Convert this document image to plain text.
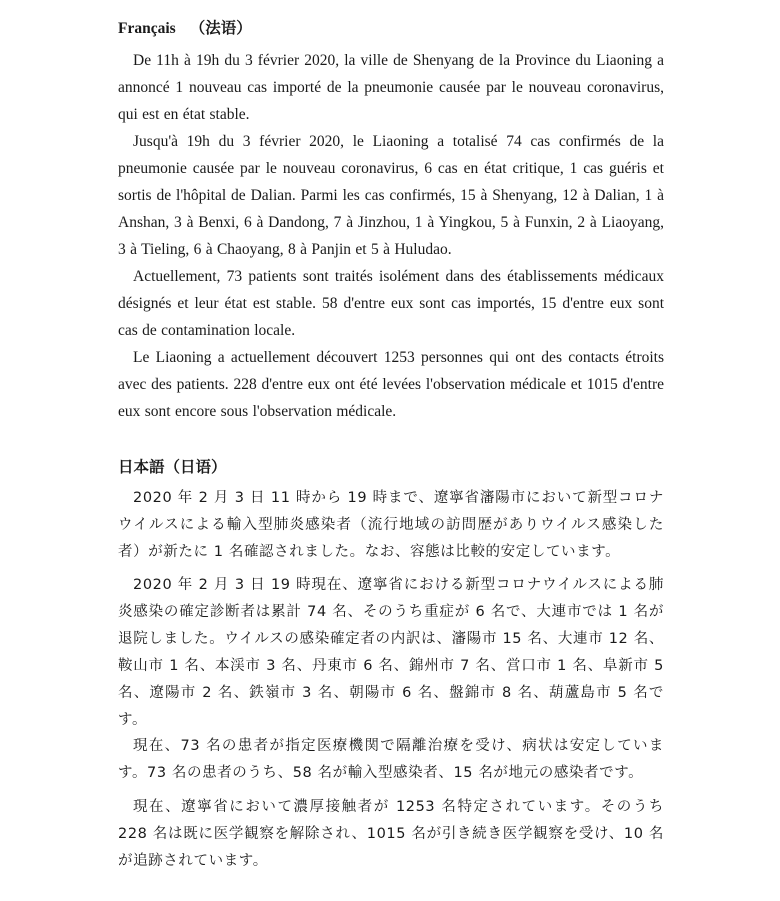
Français （法语）

De 11h à 19h du 3 février 2020, la ville de Shenyang de la Province du Liaoning a annoncé 1 nouveau cas importé de la pneumonie causée par le nouveau coronavirus, qui est en état stable.

Jusqu'à 19h du 3 février 2020, le Liaoning a totalisé 74 cas confirmés de la pneumonie causée par le nouveau coronavirus, 6 cas en état critique, 1 cas guéris et sortis de l'hôpital de Dalian. Parmi les cas confirmés, 15 à Shenyang, 12 à Dalian, 1 à Anshan, 3 à Benxi, 6 à Dandong, 7 à Jinzhou, 1 à Yingkou, 5 à Funxin, 2 à Liaoyang, 3 à Tieling, 6 à Chaoyang, 8 à Panjin et 5 à Huludao.

Actuellement, 73 patients sont traités isolément dans des établissements médicaux désignés et leur état est stable. 58 d'entre eux sont cas importés, 15 d'entre eux sont cas de contamination locale.

Le Liaoning a actuellement découvert 1253 personnes qui ont des contacts étroits avec des patients. 228 d'entre eux ont été levées l'observation médicale et 1015 d'entre eux sont encore sous l'observation médicale.

日本語（日语）

2020 年 2 月 3 日 11 時から 19 時まで、遼寧省瀋陽市において新型コロナウイルスによる輸入型肺炎感染者（流行地域の訪問歴がありウイルス感染した者）が新たに 1 名確認されました。なお、容態は比較的安定しています。

2020 年 2 月 3 日 19 時現在、遼寧省における新型コロナウイルスによる肺炎感染の確定診断者は累計 74 名、そのうち重症が 6 名で、大連市では 1 名が退院しました。ウイルスの感染確定者の内訳は、瀋陽市 15 名、大連市 12 名、鞍山市 1 名、本渓市 3 名、丹東市 6 名、錦州市 7 名、営口市 1 名、阜新市 5 名、遼陽市 2 名、鉄嶺市 3 名、朝陽市 6 名、盤錦市 8 名、葫蘆島市 5 名です。

現在、73 名の患者が指定医療機関で隔離治療を受け、病状は安定しています。73 名の患者のうち、58 名が輸入型感染者、15 名が地元の感染者です。

現在、遼寧省において濃厚接触者が 1253 名特定されています。そのうち 228 名は既に医学観察を解除され、1015 名が引き続き医学観察を受け、10 名が追跡されています。
